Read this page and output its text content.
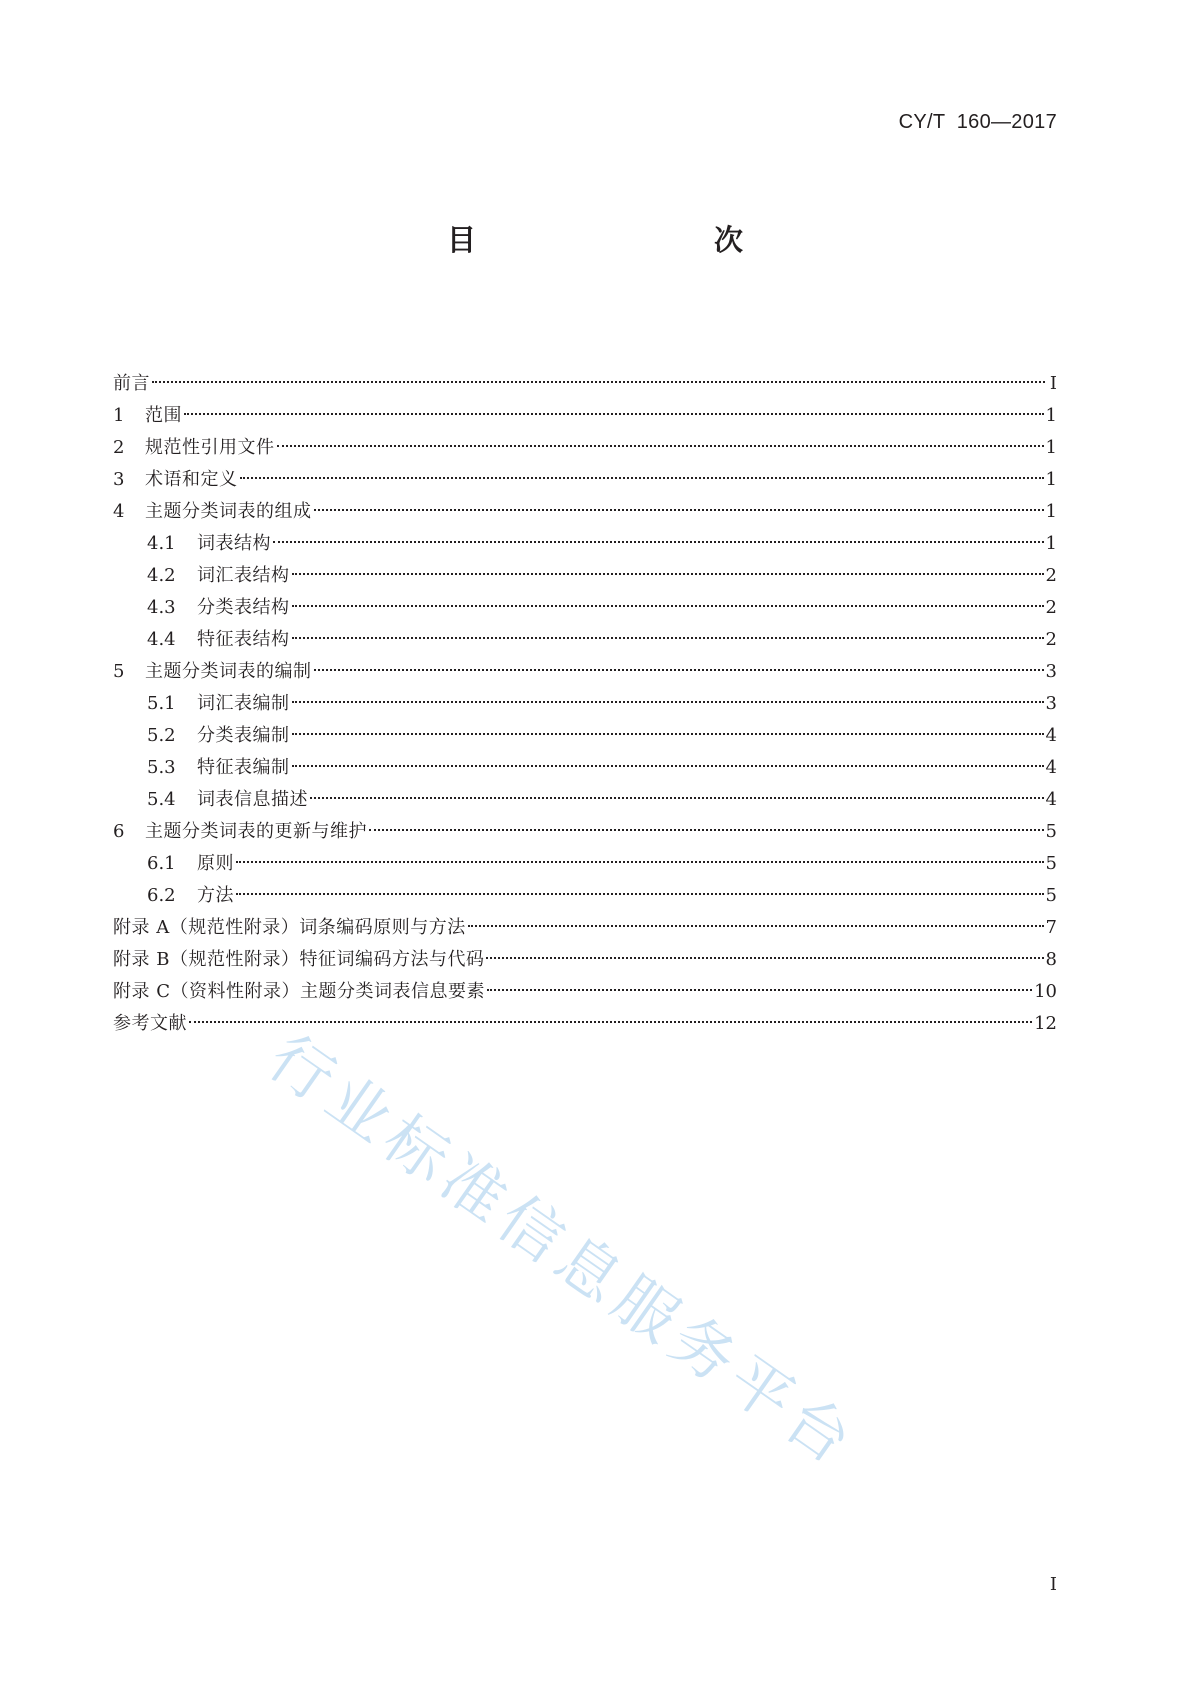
CY/T  160—2017
目　　次
前言	I
1	范围	1
2	规范性引用文件	1
3	术语和定义	1
4	主题分类词表的组成	1
4.1	词表结构	1
4.2	词汇表结构	2
4.3	分类表结构	2
4.4	特征表结构	2
5	主题分类词表的编制	3
5.1	词汇表编制	3
5.2	分类表编制	4
5.3	特征表编制	4
5.4	词表信息描述	4
6	主题分类词表的更新与维护	5
6.1	原则	5
6.2	方法	5
附录 A（规范性附录）词条编码原则与方法	7
附录 B（规范性附录）特征词编码方法与代码	8
附录 C（资料性附录）主题分类词表信息要素	10
参考文献	12
行业标准信息服务平台
I
